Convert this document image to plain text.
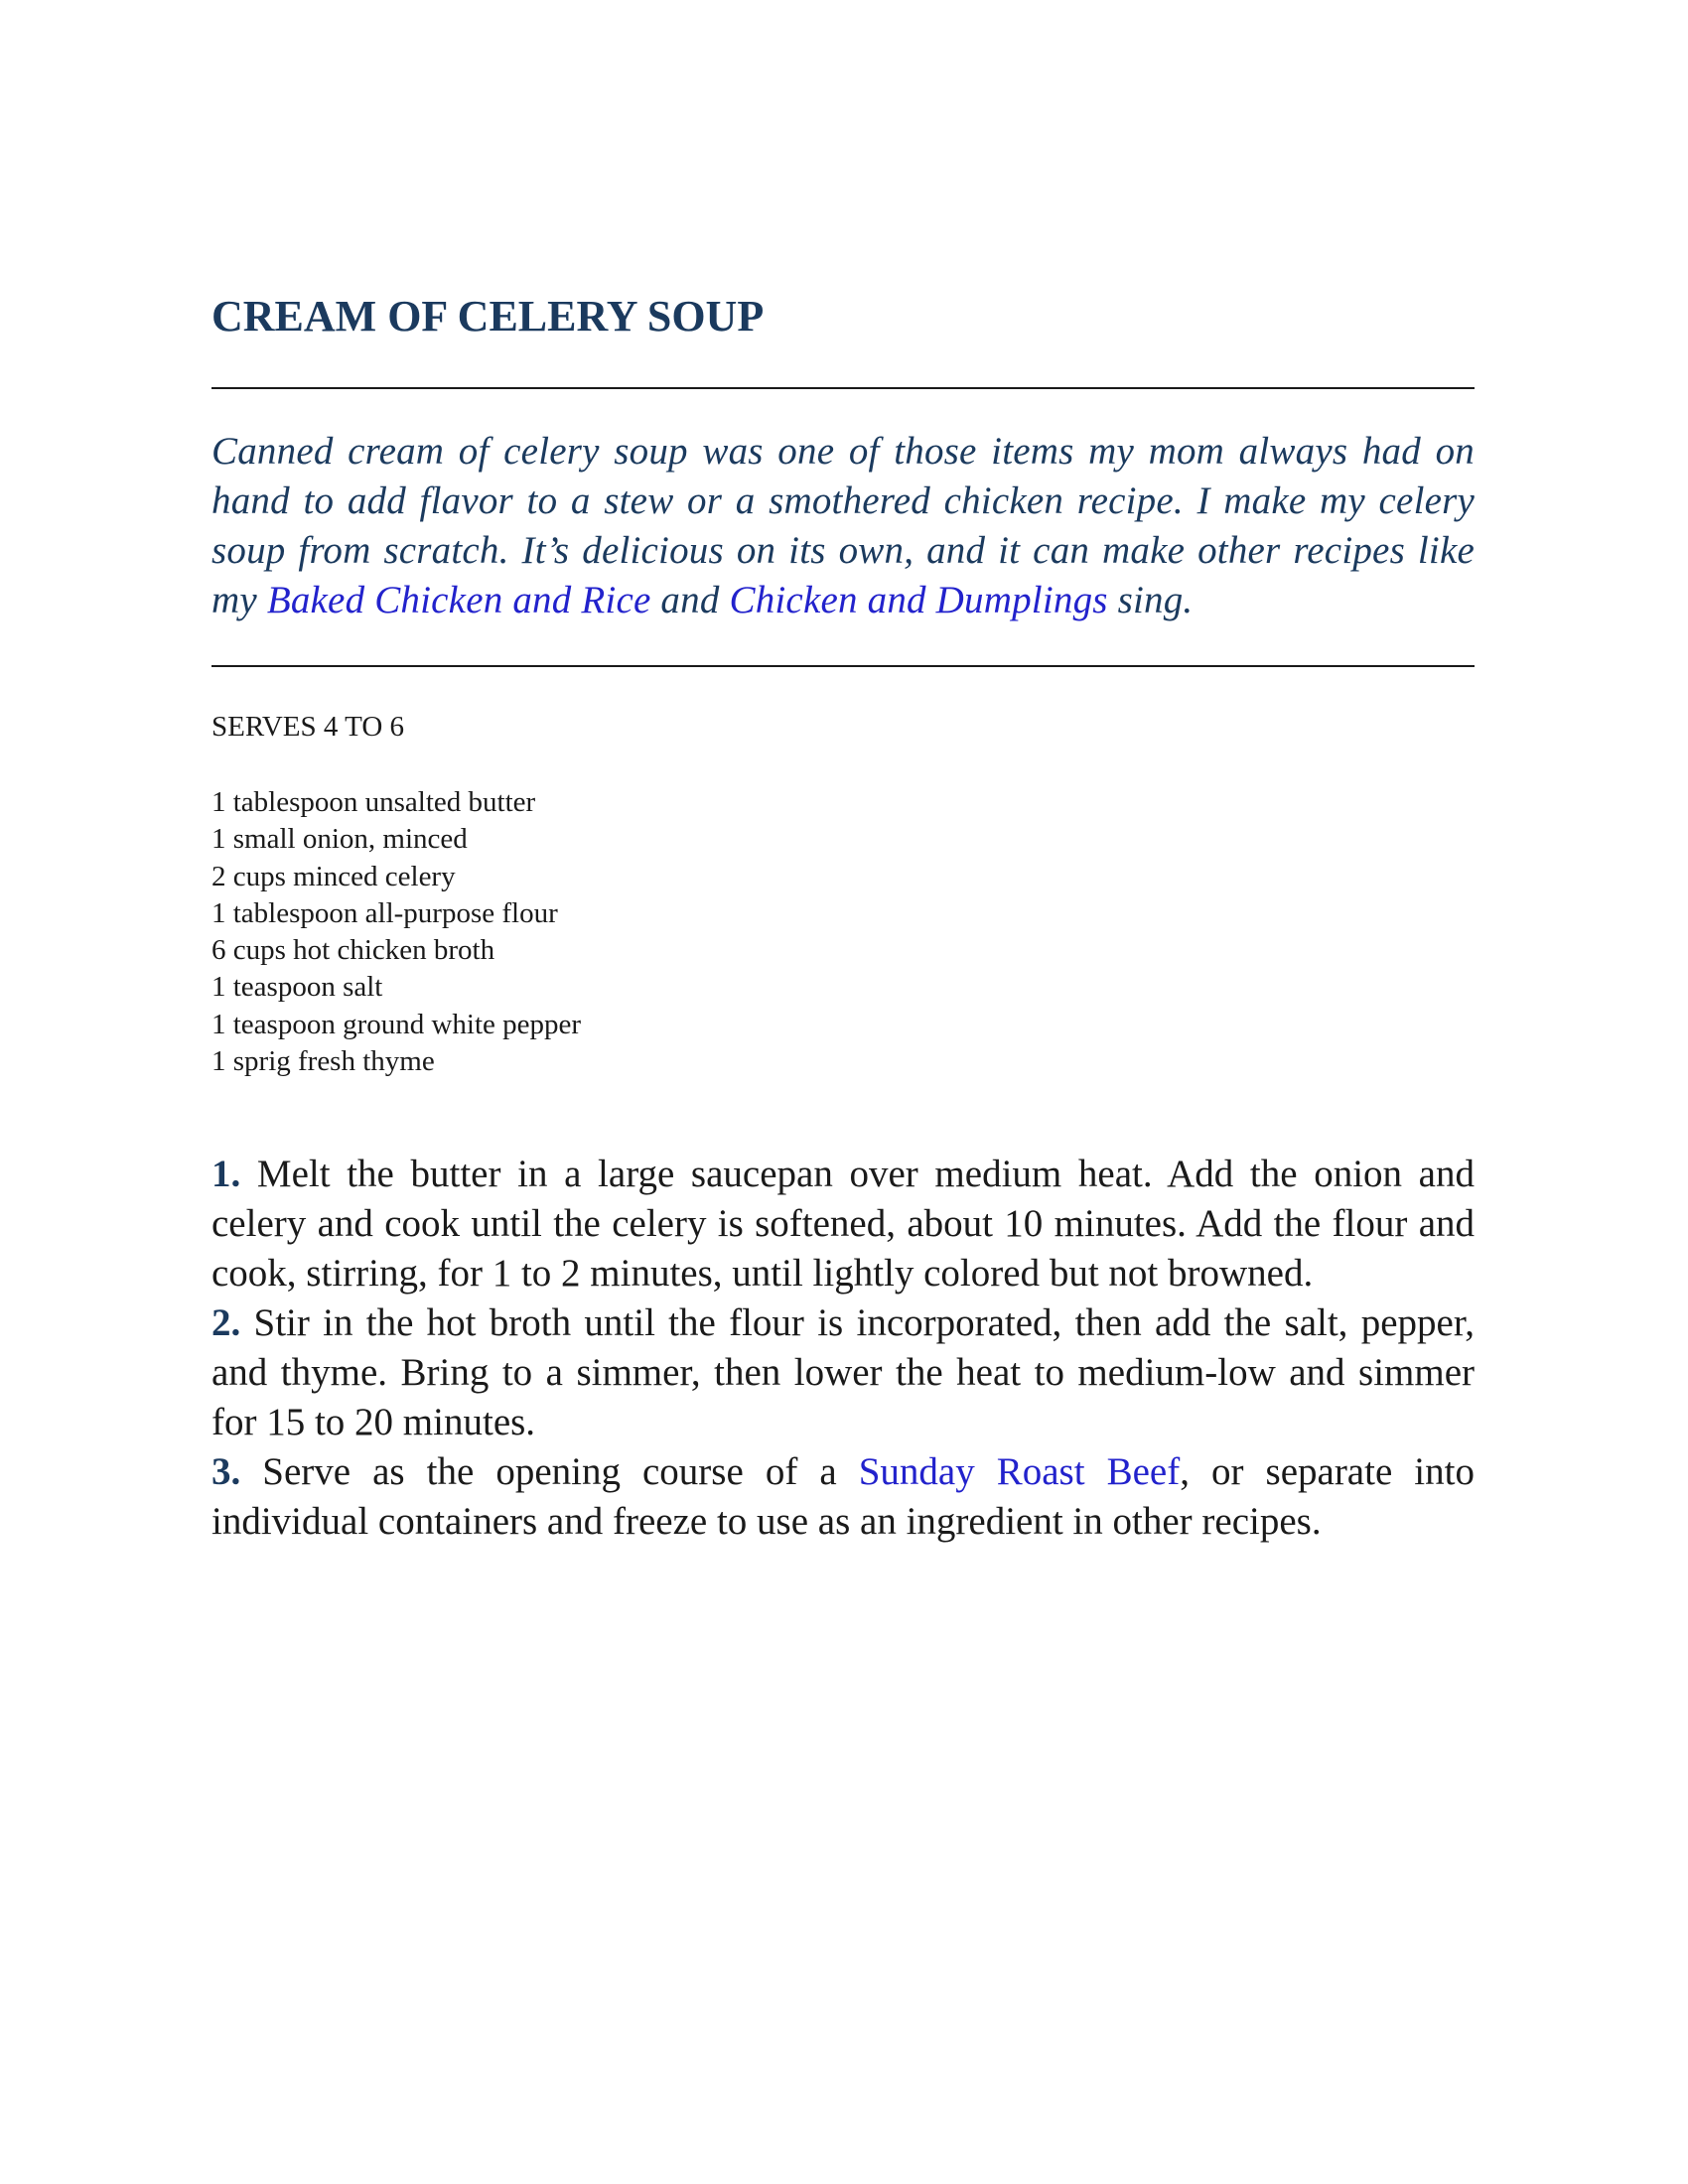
CREAM OF CELERY SOUP

Canned cream of celery soup was one of those items my mom always had on hand to add flavor to a stew or a smothered chicken recipe. I make my celery soup from scratch. It’s delicious on its own, and it can make other recipes like my Baked Chicken and Rice and Chicken and Dumplings sing.

SERVES 4 TO 6

1 tablespoon unsalted butter
1 small onion, minced
2 cups minced celery
1 tablespoon all-purpose flour
6 cups hot chicken broth
1 teaspoon salt
1 teaspoon ground white pepper
1 sprig fresh thyme

1. Melt the butter in a large saucepan over medium heat. Add the onion and celery and cook until the celery is softened, about 10 minutes. Add the flour and cook, stirring, for 1 to 2 minutes, until lightly colored but not browned.

2. Stir in the hot broth until the flour is incorporated, then add the salt, pepper, and thyme. Bring to a simmer, then lower the heat to medium-low and simmer for 15 to 20 minutes.

3. Serve as the opening course of a Sunday Roast Beef, or separate into individual containers and freeze to use as an ingredient in other recipes.
